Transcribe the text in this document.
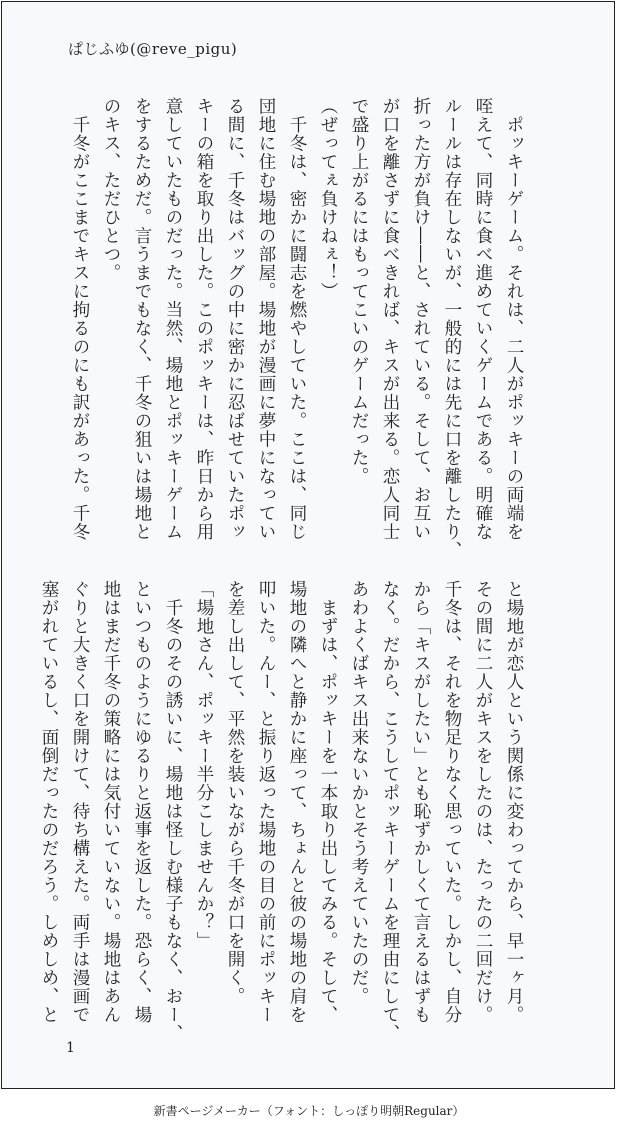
ぱじふゆ(@reve_pigu)
　ポッキーゲーム。それは、二人がポッキーの両端を
咥えて、同時に食べ進めていくゲームである。明確な
ルールは存在しないが、一般的には先に口を離したり、
折った方が負け――と、されている。そして、お互い
が口を離さずに食べきれば、キスが出来る。恋人同士
で盛り上がるにはもってこいのゲームだった。
（ぜってぇ負けねぇ！）
　千冬は、密かに闘志を燃やしていた。ここは、同じ
団地に住む場地の部屋。場地が漫画に夢中になってい
る間に、千冬はバッグの中に密かに忍ばせていたポッ
キーの箱を取り出した。このポッキーは、昨日から用
意していたものだった。当然、場地とポッキーゲーム
をするためだ。言うまでもなく、千冬の狙いは場地と
のキス、ただひとつ。
　千冬がここまでキスに拘るのにも訳があった。千冬
と場地が恋人という関係に変わってから、早一ヶ月。
その間に二人がキスをしたのは、たったの二回だけ。
千冬は、それを物足りなく思っていた。しかし、自分
から「キスがしたい」とも恥ずかしくて言えるはずも
なく。だから、こうしてポッキーゲームを理由にして、
あわよくばキス出来ないかとそう考えていたのだ。
　まずは、ポッキーを一本取り出してみる。そして、
場地の隣へと静かに座って、ちょんと彼の場地の肩を
叩いた。んー、と振り返った場地の目の前にポッキー
を差し出して、平然を装いながら千冬が口を開く。
「場地さん、ポッキー半分こしませんか？」
　千冬のその誘いに、場地は怪しむ様子もなく、おー、
といつものようにゆるりと返事を返した。恐らく、場
地はまだ千冬の策略には気付いていない。場地はあん
ぐりと大きく口を開けて、待ち構えた。両手は漫画で
塞がれているし、面倒だったのだろう。しめしめ、と
1
新書ページメーカー（フォント：しっぽり明朝Regular）
